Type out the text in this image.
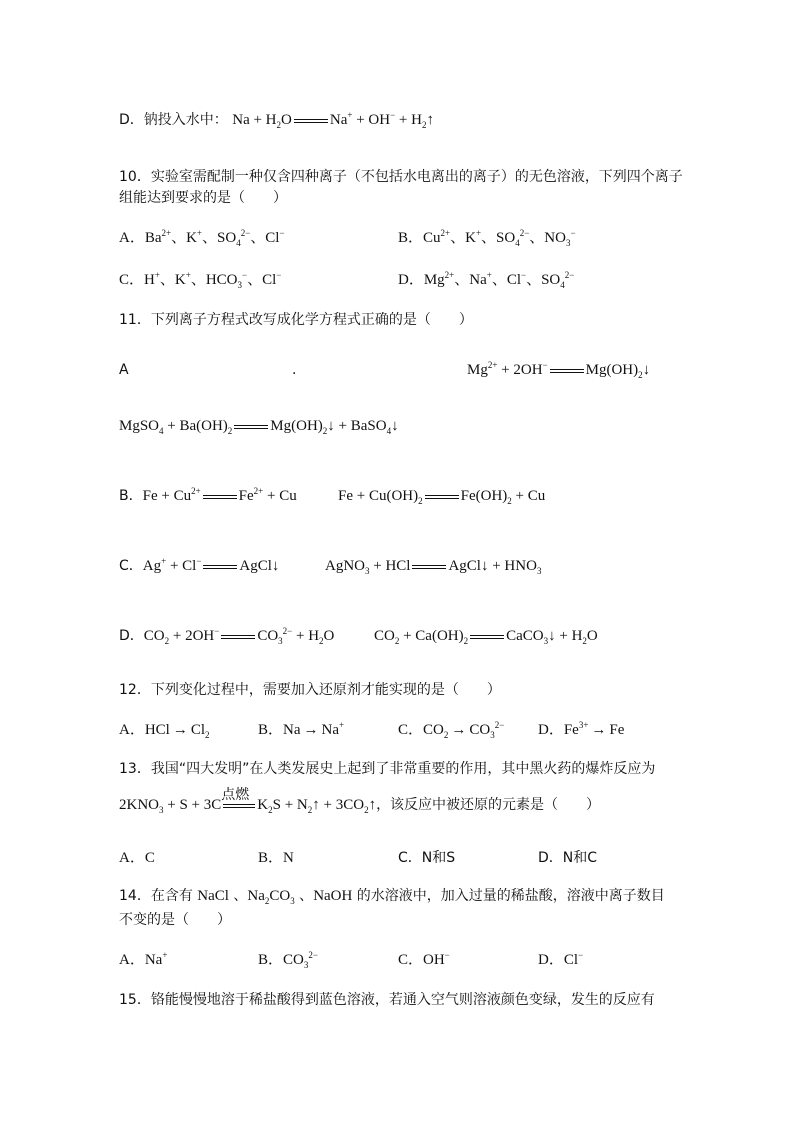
D．钠投入水中： $Na + H_2O$	$Na^+ + OH^- + H_2↑$
10．实验室需配制一种仅含四种离子（不包括水电离出的离子）的无色溶液，下列四个离子
组能达到要求的是（　　）
A．$Ba^{2+}$、K+、$SO_4^{2-}$、Cl−	B．$Cu^{2+}$、K+、$SO_4^{2-}$、$NO_3^-$
C．H+、K+、$HCO_3^-$、Cl−	D．$Mg^{2+}$、Na+、Cl−、$SO_4^{2-}$
11．下列离子方程式改写成化学方程式正确的是（　　）
A	.	$Mg^{2+} + 2OH^-$	$Mg(OH)_2↓$
MgSO$_4$ + $Ba(OH)_2$	$Mg(OH)_2↓$ + BaSO$_4$↓
B．$Fe + Cu^{2+}$	$Fe^{2+} + Cu$	$Fe + Cu(OH)_2$	$Fe(OH)_2 + Cu$
C．Ag+ + Cl−	AgCl↓	AgNO$_3$ + HCl	AgCl↓ + $HNO_3$
D．$CO_2 + 2OH^-$	$CO_3^{2-} + H_2O$	$CO_2 + Ca(OH)_2$	CaCO$_3$↓ + $H_2O$
12．下列变化过程中，需要加入还原剂才能实现的是（　　）
A．HCl → $Cl_2$	B．Na → Na+	C．$CO_2 \to CO_3^{2-}$ D．$Fe^{3+} \to Fe$
13．我国“四大发明”在人类发展史上起到了非常重要的作用，其中黑火药的爆炸反应为
$2KNO_3 + S + 3C$
点燃
$K_2S$ + $N_2↑$ + $3CO_2↑$，该反应中被还原的元素是（　　）
A．C	B．N	C．N和S	D．N和C
14．在含有 NaCl 、$Na_2CO_3$ 、NaOH 的水溶液中，加入过量的稀盐酸，溶液中离子数目
不变的是（　　）
A．Na+	B．$CO_3^{2-}$	C．OH−	D．Cl−
15．铬能慢慢地溶于稀盐酸得到蓝色溶液，若通入空气则溶液颜色变绿，发生的反应有
